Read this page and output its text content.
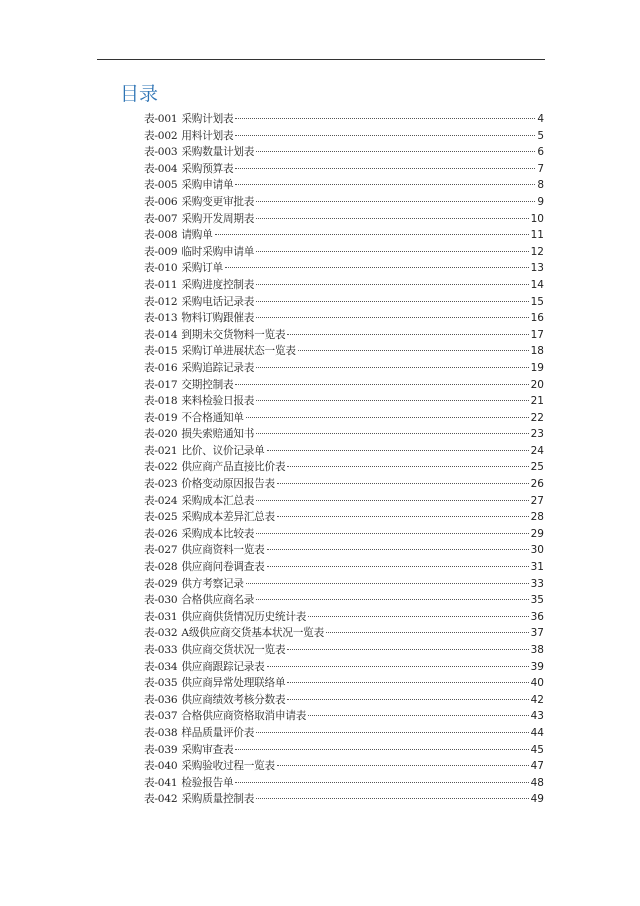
目录
表-001 采购计划表	4
表-002 用料计划表	5
表-003 采购数量计划表	6
表-004 采购预算表	7
表-005 采购申请单	8
表-006 采购变更审批表	9
表-007 采购开发周期表	10
表-008 请购单	11
表-009 临时采购申请单	12
表-010 采购订单	13
表-011 采购进度控制表	14
表-012 采购电话记录表	15
表-013 物料订购跟催表	16
表-014 到期未交货物料一览表	17
表-015 采购订单进展状态一览表	18
表-016 采购追踪记录表	19
表-017 交期控制表	20
表-018 来料检验日报表	21
表-019 不合格通知单	22
表-020 损失索赔通知书	23
表-021 比价、议价记录单	24
表-022 供应商产品直接比价表	25
表-023 价格变动原因报告表	26
表-024 采购成本汇总表	27
表-025 采购成本差异汇总表	28
表-026 采购成本比较表	29
表-027 供应商资料一览表	30
表-028 供应商问卷调查表	31
表-029 供方考察记录	33
表-030 合格供应商名录	35
表-031 供应商供货情况历史统计表	36
表-032 A级供应商交货基本状况一览表	37
表-033 供应商交货状况一览表	38
表-034 供应商跟踪记录表	39
表-035 供应商异常处理联络单	40
表-036 供应商绩效考核分数表	42
表-037 合格供应商资格取消申请表	43
表-038 样品质量评价表	44
表-039 采购审查表	45
表-040 采购验收过程一览表	47
表-041 检验报告单	48
表-042 采购质量控制表	49
